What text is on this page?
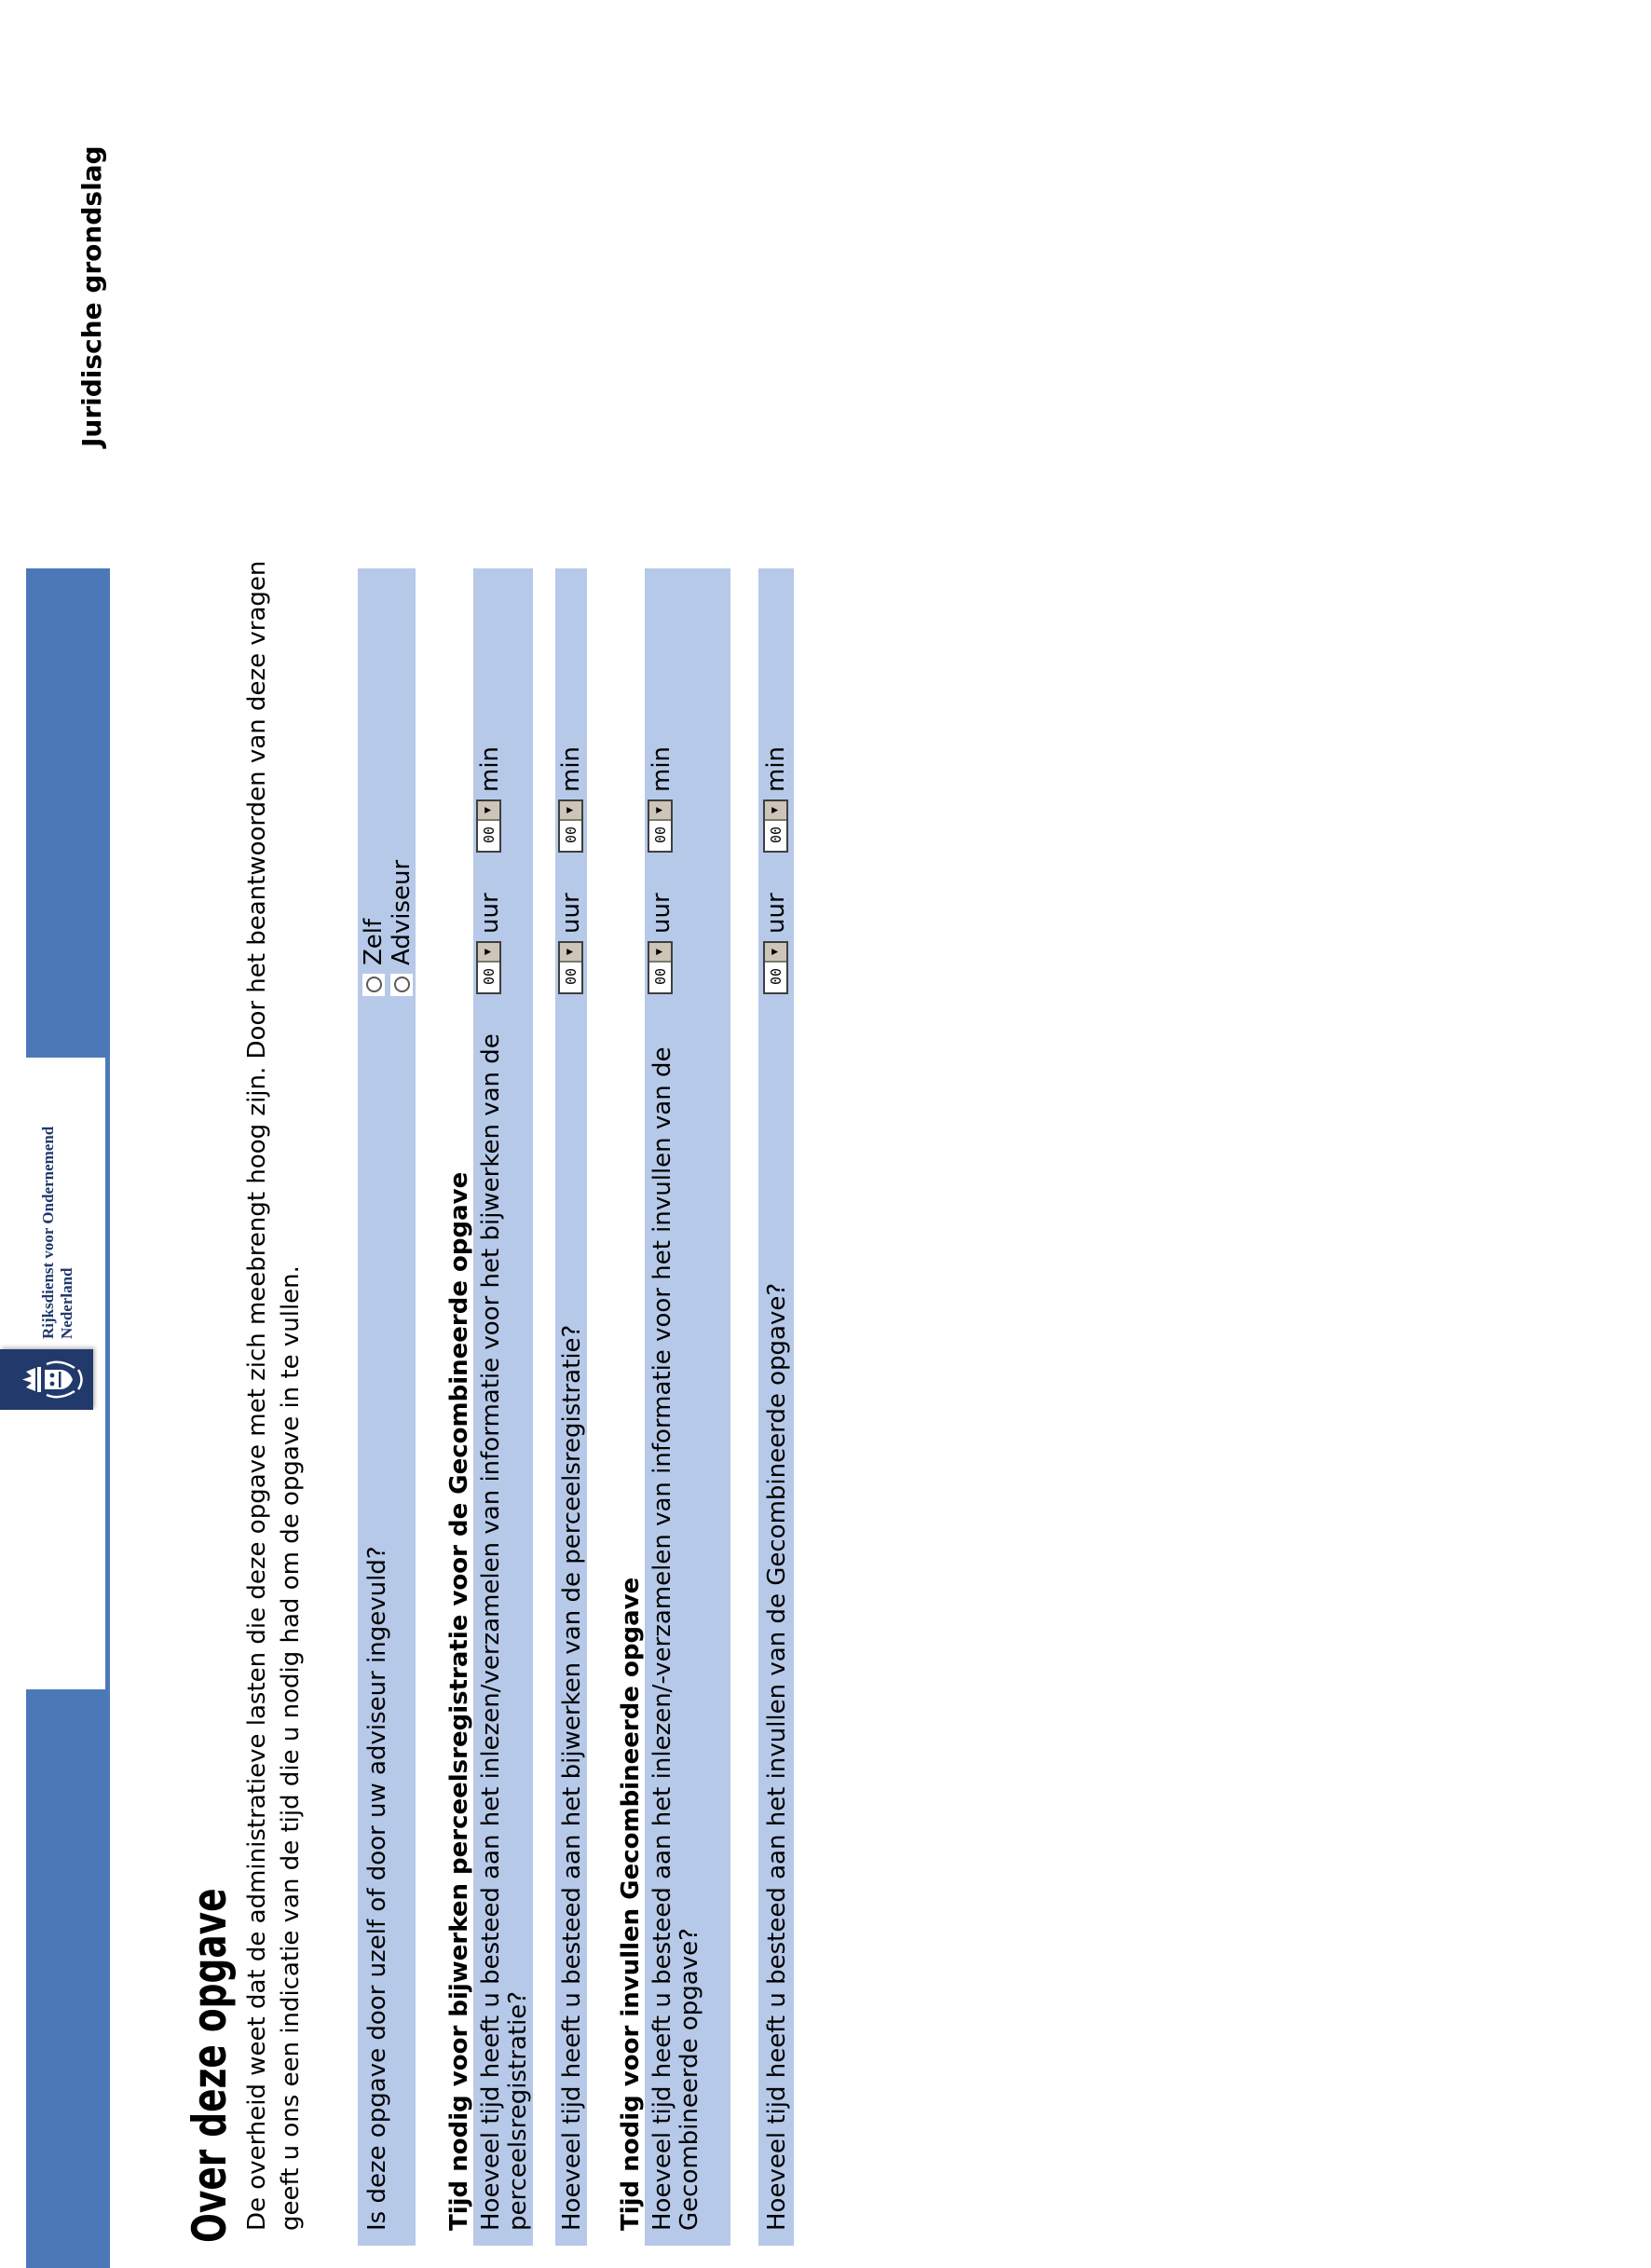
Rijksdienst voor Ondernemend Nederland
Juridische grondslag
Over deze opgave De overheid weet dat de administratieve lasten die deze opgave met zich meebrengt hoog zijn. Door het beantwoorden van deze vragen geeft u ons een indicatie van de tijd die u nodig had om de opgave in te vullen. Is deze opgave door uzelf of door uw adviseur ingevuld?
Zelf Adviseur
Tijd nodig voor bijwerken perceelsregistratie voor de Gecombineerde opgave Hoeveel tijd heeft u besteed aan het inlezen/verzamelen van informatie voor het bijwerken van de perceelsregistratie?
00
▼
uur
00
▼
min
Hoeveel tijd heeft u besteed aan het bijwerken van de perceelsregistratie?
00
▼
uur
00
▼
min
Tijd nodig voor invullen Gecombineerde opgave Hoeveel tijd heeft u besteed aan het inlezen/-verzamelen van informatie voor het invullen van de Gecombineerde opgave?
00
▼
uur
00
▼
min
Hoeveel tijd heeft u besteed aan het invullen van de Gecombineerde opgave?
00
▼
uur
00
▼
min
